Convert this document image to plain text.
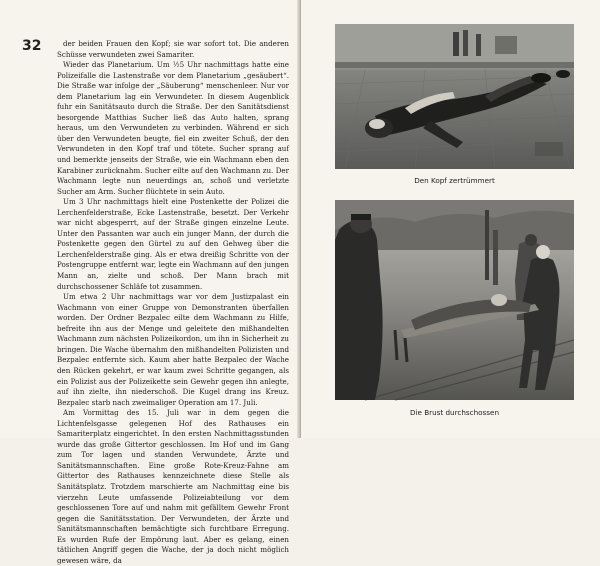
32	der beiden Frauen den Kopf; sie war sofort tot. Die anderen Schüsse verwundeten zwei Samariter.

Wieder das Planetarium. Um ½5 Uhr nachmittags hatte eine Polizeifalle die Lastenstraße vor dem Planetarium „gesäubert“. Die Straße war infolge der „Säuberung“ menschenleer. Nur vor dem Planetarium lag ein Verwundeter. In diesem Augenblick fuhr ein Sanitätsauto durch die Straße. Der den Sanitätsdienst besorgende Matthias Sucher ließ das Auto halten, sprang heraus, um den Verwundeten zu verbinden. Während er sich über den Verwundeten beugte, fiel ein zweiter Schuß, der den Verwundeten in den Kopf traf und tötete. Sucher sprang auf und bemerkte jenseits der Straße, wie ein Wachmann eben den Karabiner zurücknahm. Sucher eilte auf den Wachmann zu. Der Wachmann legte nun neuerdings an, schoß und verletzte Sucher am Arm. Sucher flüchtete in sein Auto.

Um 3 Uhr nachmittags hielt eine Postenkette der Polizei die Lerchenfelderstraße, Ecke Lastenstraße, besetzt. Der Verkehr war nicht abgesperrt, auf der Straße gingen einzelne Leute. Unter den Passanten war auch ein junger Mann, der durch die Postenkette gegen den Gürtel zu auf den Gehweg über die Lerchenfelderstraße ging. Als er etwa dreißig Schritte von der Postengruppe entfernt war, legte ein Wachmann auf den jungen Mann an, zielte und schoß. Der Mann brach mit durchschossener Schläfe tot zusammen.

Um etwa 2 Uhr nachmittags war vor dem Justizpalast ein Wachmann von einer Gruppe von Demonstranten überfallen worden. Der Ordner Bezpalec eilte dem Wachmann zu Hilfe, befreite ihn aus der Menge und geleitete den mißhandelten Wachmann zum nächsten Polizeikordon, um ihn in Sicherheit zu bringen. Die Wache übernahm den mißhandelten Polizisten und Bezpalec entfernte sich. Kaum aber hatte Bezpalec der Wache den Rücken gekehrt, er war kaum zwei Schritte gegangen, als ein Polizist aus der Polizeikette sein Gewehr gegen ihn anlegte, auf ihn zielte, ihn niederschoß. Die Kugel drang ins Kreuz. Bezpalec starb nach zweimaliger Operation am 17. Juli.

Am Vormittag des 15. Juli war in dem gegen die Lichtenfelsgasse gelegenen Hof des Rathauses ein Samariterplatz eingerichtet. In den ersten Nachmittagsstunden wurde das große Gittertor geschlossen. Im Hof und im Gang zum Tor lagen und standen Verwundete, Ärzte und Sanitätsmannschaften. Eine große Rote-Kreuz-Fahne am Gittertor des Rathauses kennzeichnete diese Stelle als Sanitätsplatz. Trotzdem marschierte am Nachmittag eine bis vierzehn Leute umfassende Polizeiabteilung vor dem geschlossenen Tore auf und nahm mit gefälltem Gewehr Front gegen die Sanitätsstation. Der Verwundeten, der Ärzte und Sanitätsmannschaften bemächtigte sich furchtbare Erregung. Es wurden Rufe der Empörung laut. Aber es gelang, einen tätlichen Angriff gegen die Wache, der ja doch nicht möglich gewesen wäre, da

Den Kopf zertrümmert
Die Brust durchschossen
